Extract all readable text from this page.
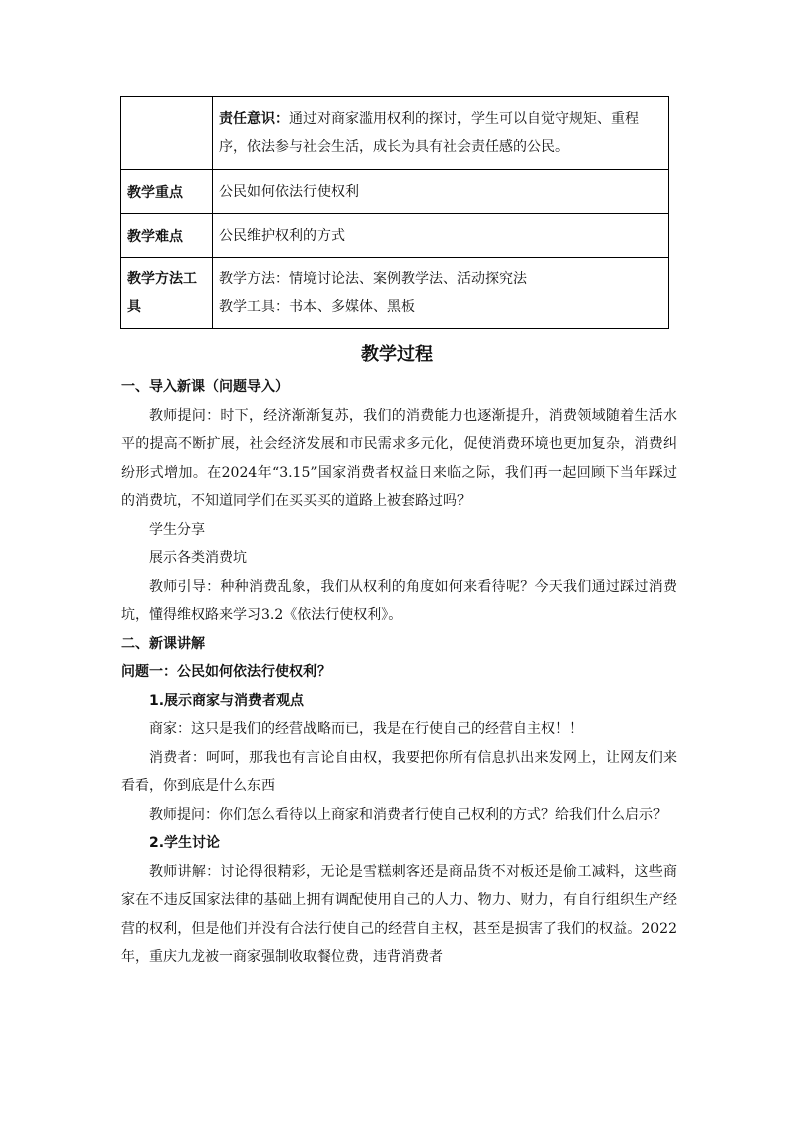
	责任意识：通过对商家滥用权利的探讨，学生可以自觉守规矩、重程序，依法参与社会生活，成长为具有社会责任感的公民。
教学重点	公民如何依法行使权利
教学难点	公民维护权利的方式
教学方法工具	教学方法：情境讨论法、案例教学法、活动探究法
教学工具：书本、多媒体、黑板
教学过程

一、导入新课（问题导入）

教师提问：时下，经济渐渐复苏，我们的消费能力也逐渐提升，消费领域随着生活水平的提高不断扩展，社会经济发展和市民需求多元化，促使消费环境也更加复杂，消费纠纷形式增加。在2024年“3.15”国家消费者权益日来临之际，我们再一起回顾下当年踩过的消费坑，不知道同学们在买买买的道路上被套路过吗？

学生分享

展示各类消费坑

教师引导：种种消费乱象，我们从权利的角度如何来看待呢？今天我们通过踩过消费坑，懂得维权路来学习3.2《依法行使权利》。

二、新课讲解

问题一：公民如何依法行使权利？

1.展示商家与消费者观点

商家：这只是我们的经营战略而已，我是在行使自己的经营自主权！！

消费者：呵呵，那我也有言论自由权，我要把你所有信息扒出来发网上，让网友们来看看，你到底是什么东西

教师提问：你们怎么看待以上商家和消费者行使自己权利的方式？给我们什么启示？

2.学生讨论

教师讲解：讨论得很精彩，无论是雪糕刺客还是商品货不对板还是偷工减料，这些商家在不违反国家法律的基础上拥有调配使用自己的人力、物力、财力，有自行组织生产经营的权利，但是他们并没有合法行使自己的经营自主权，甚至是损害了我们的权益。2022年，重庆九龙被一商家强制收取餐位费，违背消费者
